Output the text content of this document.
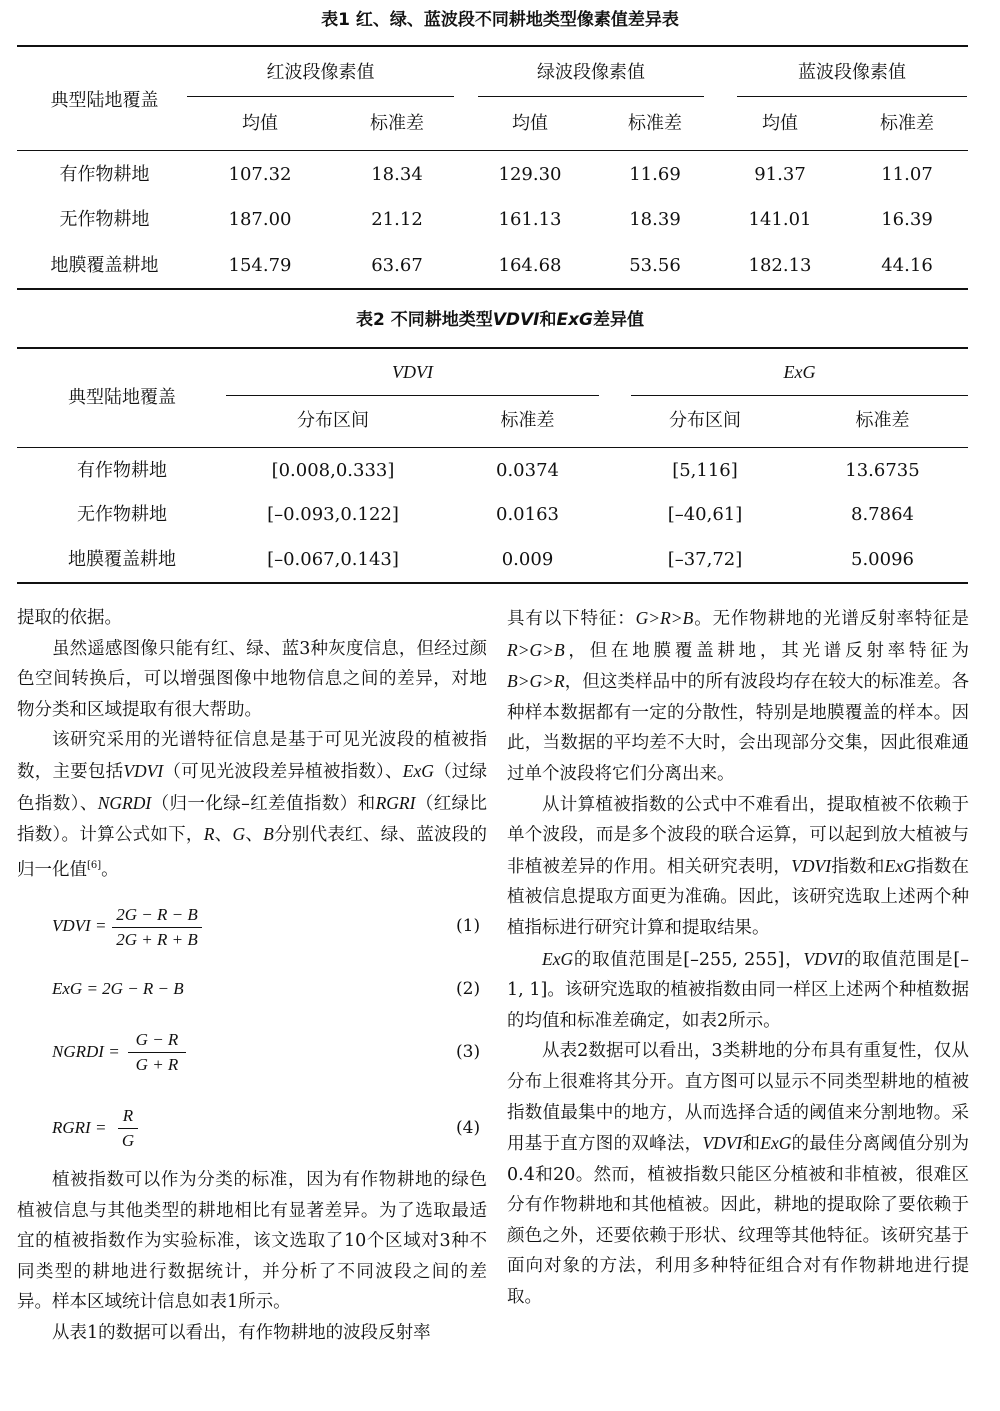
表1 红、绿、蓝波段不同耕地类型像素值差异表
典型陆地覆盖
红波段像素值	绿波段像素值	蓝波段像素值
均值	标准差	均值	标准差	均值	标准差
有作物耕地	107.32	18.34	129.30	11.69	91.37	11.07
无作物耕地	187.00	21.12	161.13	18.39	141.01	16.39
地膜覆盖耕地	154.79	63.67	164.68	53.56	182.13	44.16
表2 不同耕地类型VDVI和ExG差异值
典型陆地覆盖
VDVI	ExG
分布区间	标准差	分布区间	标准差
有作物耕地	[0.008,0.333]	0.0374	[5,116]	13.6735
无作物耕地	[–0.093,0.122]	0.0163	[–40,61]	8.7864
地膜覆盖耕地	[–0.067,0.143]	0.009	[–37,72]	5.0096

提取的依据。

虽然遥感图像只能有红、绿、蓝3种灰度信息，但经过颜色空间转换后，可以增强图像中地物信息之间的差异，对地物分类和区域提取有很大帮助。

该研究采用的光谱特征信息是基于可见光波段的植被指数，主要包括VDVI（可见光波段差异植被指数）、ExG（过绿色指数）、NGRDI（归一化绿–红差值指数）和RGRI（红绿比指数）。计算公式如下，R、G、B分别代表红、绿、蓝波段的归一化值[6]。

VDVI =
2G − R − B
2G + R + B
(1)
ExG = 2G − R − B	(2)
NGRDI =
G − R
G + R
(3)
RGRI =
R
G
(4)

植被指数可以作为分类的标准，因为有作物耕地的绿色植被信息与其他类型的耕地相比有显著差异。为了选取最适宜的植被指数作为实验标准，该文选取了10个区域对3种不同类型的耕地进行数据统计，并分析了不同波段之间的差异。样本区域统计信息如表1所示。

从表1的数据可以看出，有作物耕地的波段反射率

具有以下特征：G>R>B。无作物耕地的光谱反射率特征是R>G>B，但在地膜覆盖耕地，其光谱反射率特征为B>G>R，但这类样品中的所有波段均存在较大的标准差。各种样本数据都有一定的分散性，特别是地膜覆盖的样本。因此，当数据的平均差不大时，会出现部分交集，因此很难通过单个波段将它们分离出来。

从计算植被指数的公式中不难看出，提取植被不依赖于单个波段，而是多个波段的联合运算，可以起到放大植被与非植被差异的作用。相关研究表明，VDVI指数和ExG指数在植被信息提取方面更为准确。因此，该研究选取上述两个种植指标进行研究计算和提取结果。

ExG的取值范围是[–255, 255]，VDVI的取值范围是[–1, 1]。该研究选取的植被指数由同一样区上述两个种植数据的均值和标准差确定，如表2所示。

从表2数据可以看出，3类耕地的分布具有重复性，仅从分布上很难将其分开。直方图可以显示不同类型耕地的植被指数值最集中的地方，从而选择合适的阈值来分割地物。采用基于直方图的双峰法，VDVI和ExG的最佳分离阈值分别为0.4和20。然而，植被指数只能区分植被和非植被，很难区分有作物耕地和其他植被。因此，耕地的提取除了要依赖于颜色之外，还要依赖于形状、纹理等其他特征。该研究基于面向对象的方法，利用多种特征组合对有作物耕地进行提取。
